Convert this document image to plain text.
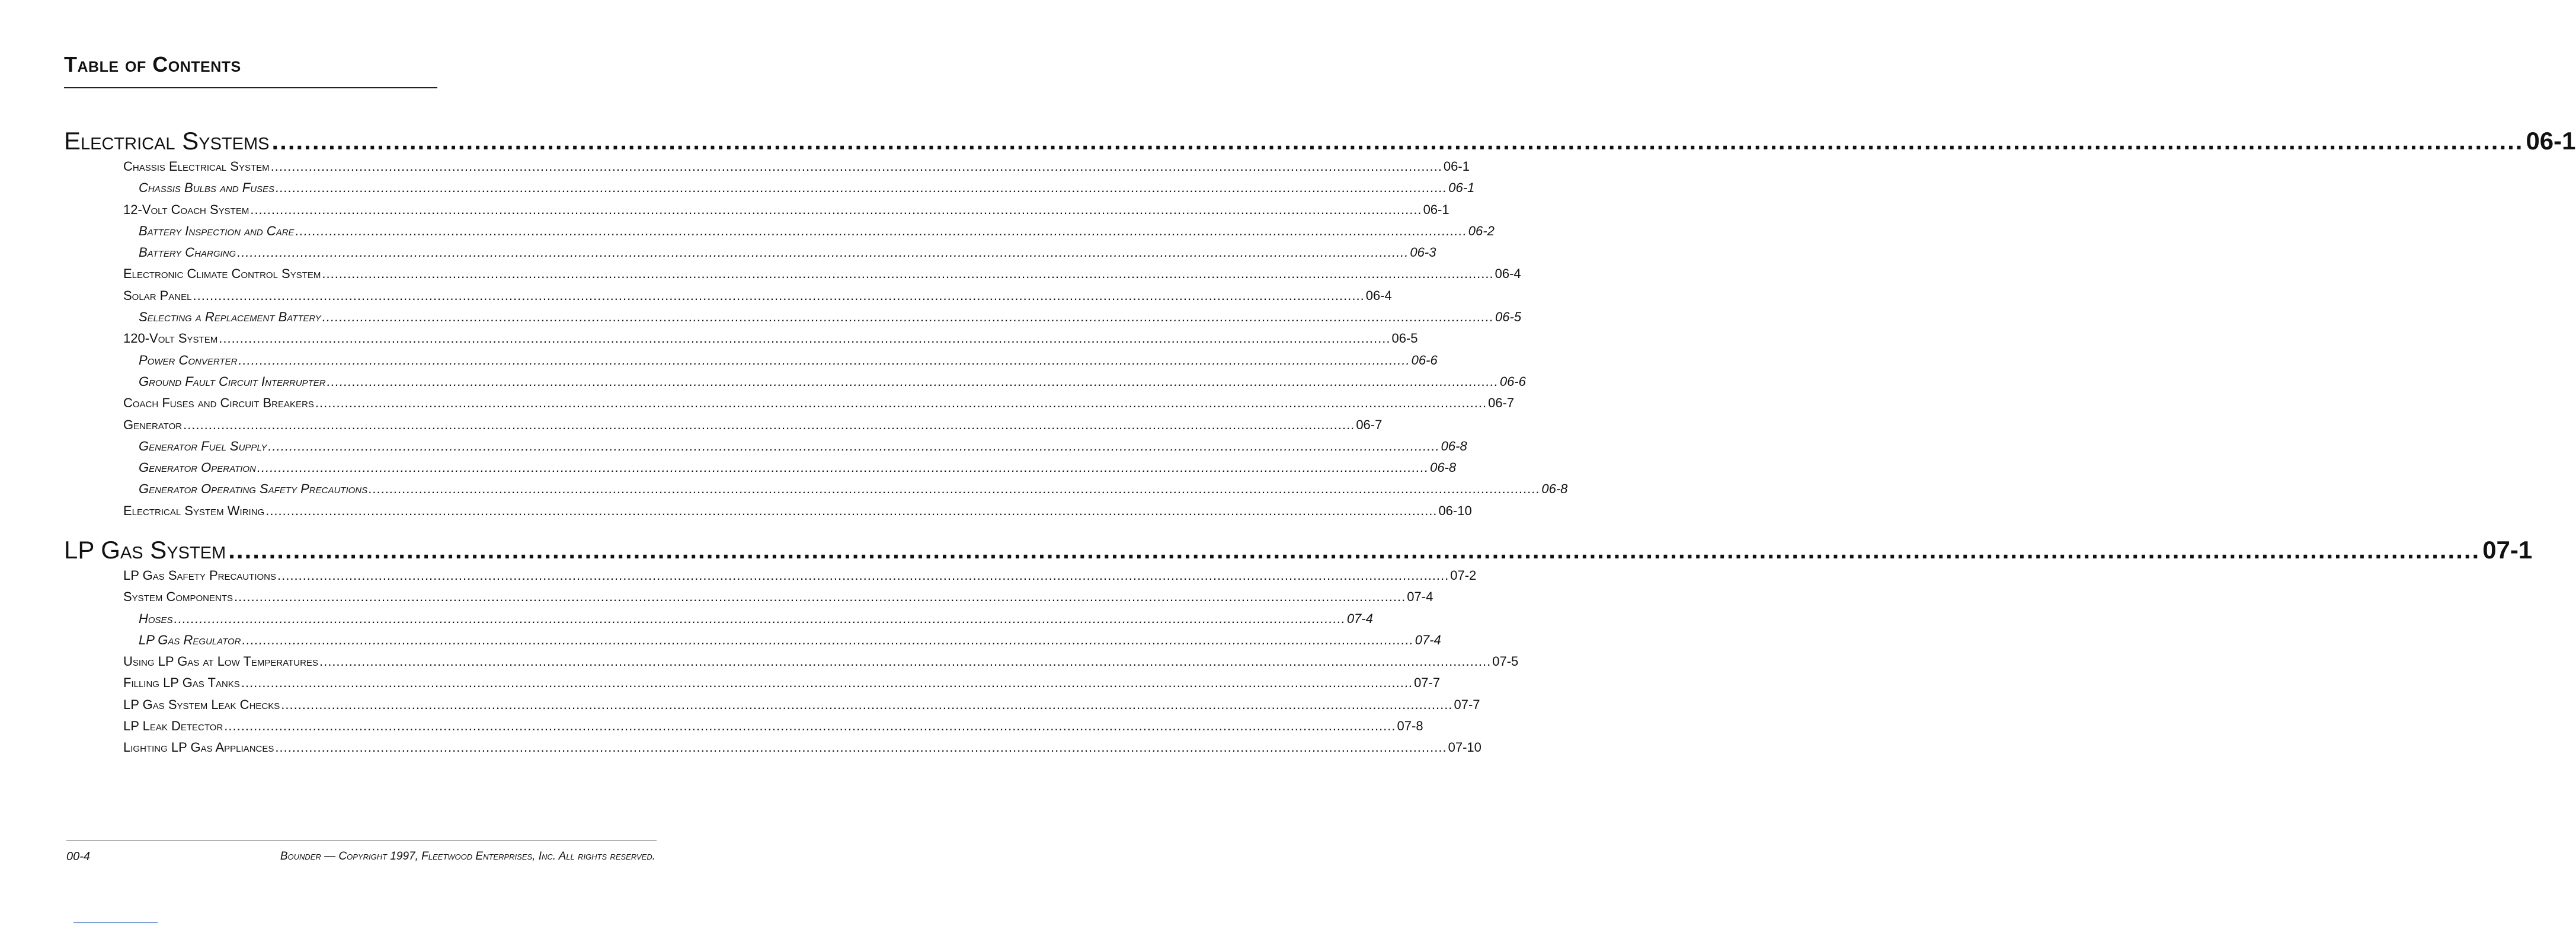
Table of Contents
Electrical Systems ...................................................................................................................................................................................................................................................................................... 06-1
Chassis Electrical System ...................................................................................................................................................................................................................................................................................... 06-1
Chassis Bulbs and Fuses ...................................................................................................................................................................................................................................................................................... 06-1
12-Volt Coach System ...................................................................................................................................................................................................................................................................................... 06-1
Battery Inspection and Care ...................................................................................................................................................................................................................................................................................... 06-2
Battery Charging ...................................................................................................................................................................................................................................................................................... 06-3
Electronic Climate Control System ...................................................................................................................................................................................................................................................................................... 06-4
Solar Panel ...................................................................................................................................................................................................................................................................................... 06-4
Selecting a Replacement Battery ...................................................................................................................................................................................................................................................................................... 06-5
120-Volt System ...................................................................................................................................................................................................................................................................................... 06-5
Power Converter ...................................................................................................................................................................................................................................................................................... 06-6
Ground Fault Circuit Interrupter ...................................................................................................................................................................................................................................................................................... 06-6
Coach Fuses and Circuit Breakers ...................................................................................................................................................................................................................................................................................... 06-7
Generator ...................................................................................................................................................................................................................................................................................... 06-7
Generator Fuel Supply ...................................................................................................................................................................................................................................................................................... 06-8
Generator Operation ...................................................................................................................................................................................................................................................................................... 06-8
Generator Operating Safety Precautions ...................................................................................................................................................................................................................................................................................... 06-8
Electrical System Wiring ...................................................................................................................................................................................................................................................................................... 06-10
LP Gas System ...................................................................................................................................................................................................................................................................................... 07-1
LP Gas Safety Precautions ...................................................................................................................................................................................................................................................................................... 07-2
System Components ...................................................................................................................................................................................................................................................................................... 07-4
Hoses ...................................................................................................................................................................................................................................................................................... 07-4
LP Gas Regulator ...................................................................................................................................................................................................................................................................................... 07-4
Using LP Gas at Low Temperatures ...................................................................................................................................................................................................................................................................................... 07-5
Filling LP Gas Tanks ...................................................................................................................................................................................................................................................................................... 07-7
LP Gas System Leak Checks ...................................................................................................................................................................................................................................................................................... 07-7
LP Leak Detector ...................................................................................................................................................................................................................................................................................... 07-8
Lighting LP Gas Appliances ...................................................................................................................................................................................................................................................................................... 07-10
00-4	Bounder — Copyright 1997, Fleetwood Enterprises, Inc. All rights reserved.
